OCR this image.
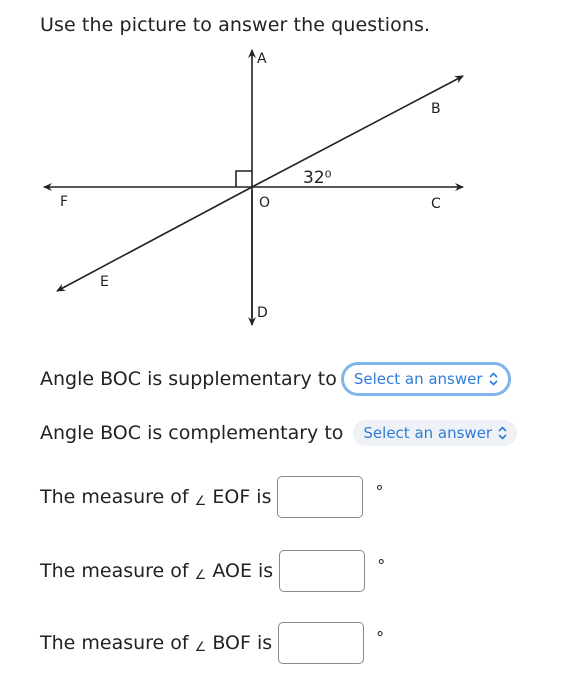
Use the picture to answer the questions.
A
B
C
D
E
F	O
32⁰
Angle BOC is supplementary to Select an answer
Angle BOC is complementary to Select an answer
The measure of ∠ EOF is	°
The measure of ∠ AOE is	°
The measure of ∠ BOF is	°
